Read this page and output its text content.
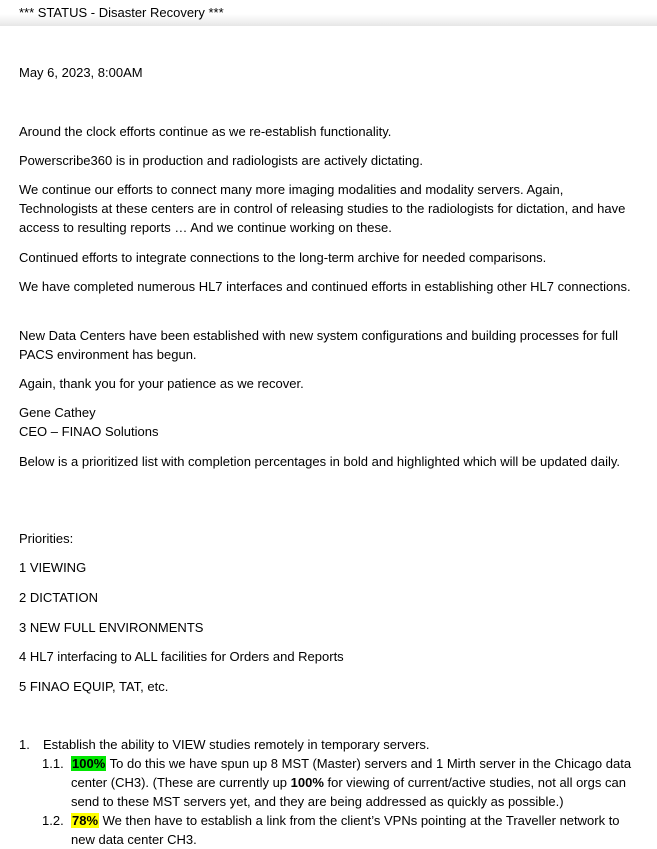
*** STATUS - Disaster Recovery ***
May 6, 2023, 8:00AM
Around the clock efforts continue as we re-establish functionality.
Powerscribe360 is in production and radiologists are actively dictating.
We continue our efforts to connect many more imaging modalities and modality servers. Again, Technologists at these centers are in control of releasing studies to the radiologists for dictation, and have access to resulting reports … And we continue working on these.
Continued efforts to integrate connections to the long-term archive for needed comparisons.
We have completed numerous HL7 interfaces and continued efforts in establishing other HL7 connections.
New Data Centers have been established with new system configurations and building processes for full PACS environment has begun.
Again, thank you for your patience as we recover.
Gene Cathey
CEO – FINAO Solutions
Below is a prioritized list with completion percentages in bold and highlighted which will be updated daily.
Priorities:
1 VIEWING
2 DICTATION
3 NEW FULL ENVIRONMENTS
4 HL7 interfacing to ALL facilities for Orders and Reports
5 FINAO EQUIP, TAT, etc.
1. Establish the ability to VIEW studies remotely in temporary servers.
1.1. 100% To do this we have spun up 8 MST (Master) servers and 1 Mirth server in the Chicago data center (CH3). (These are currently up 100% for viewing of current/active studies, not all orgs can send to these MST servers yet, and they are being addressed as quickly as possible.)
1.2. 78% We then have to establish a link from the client’s VPNs pointing at the Traveller network to new data center CH3.
